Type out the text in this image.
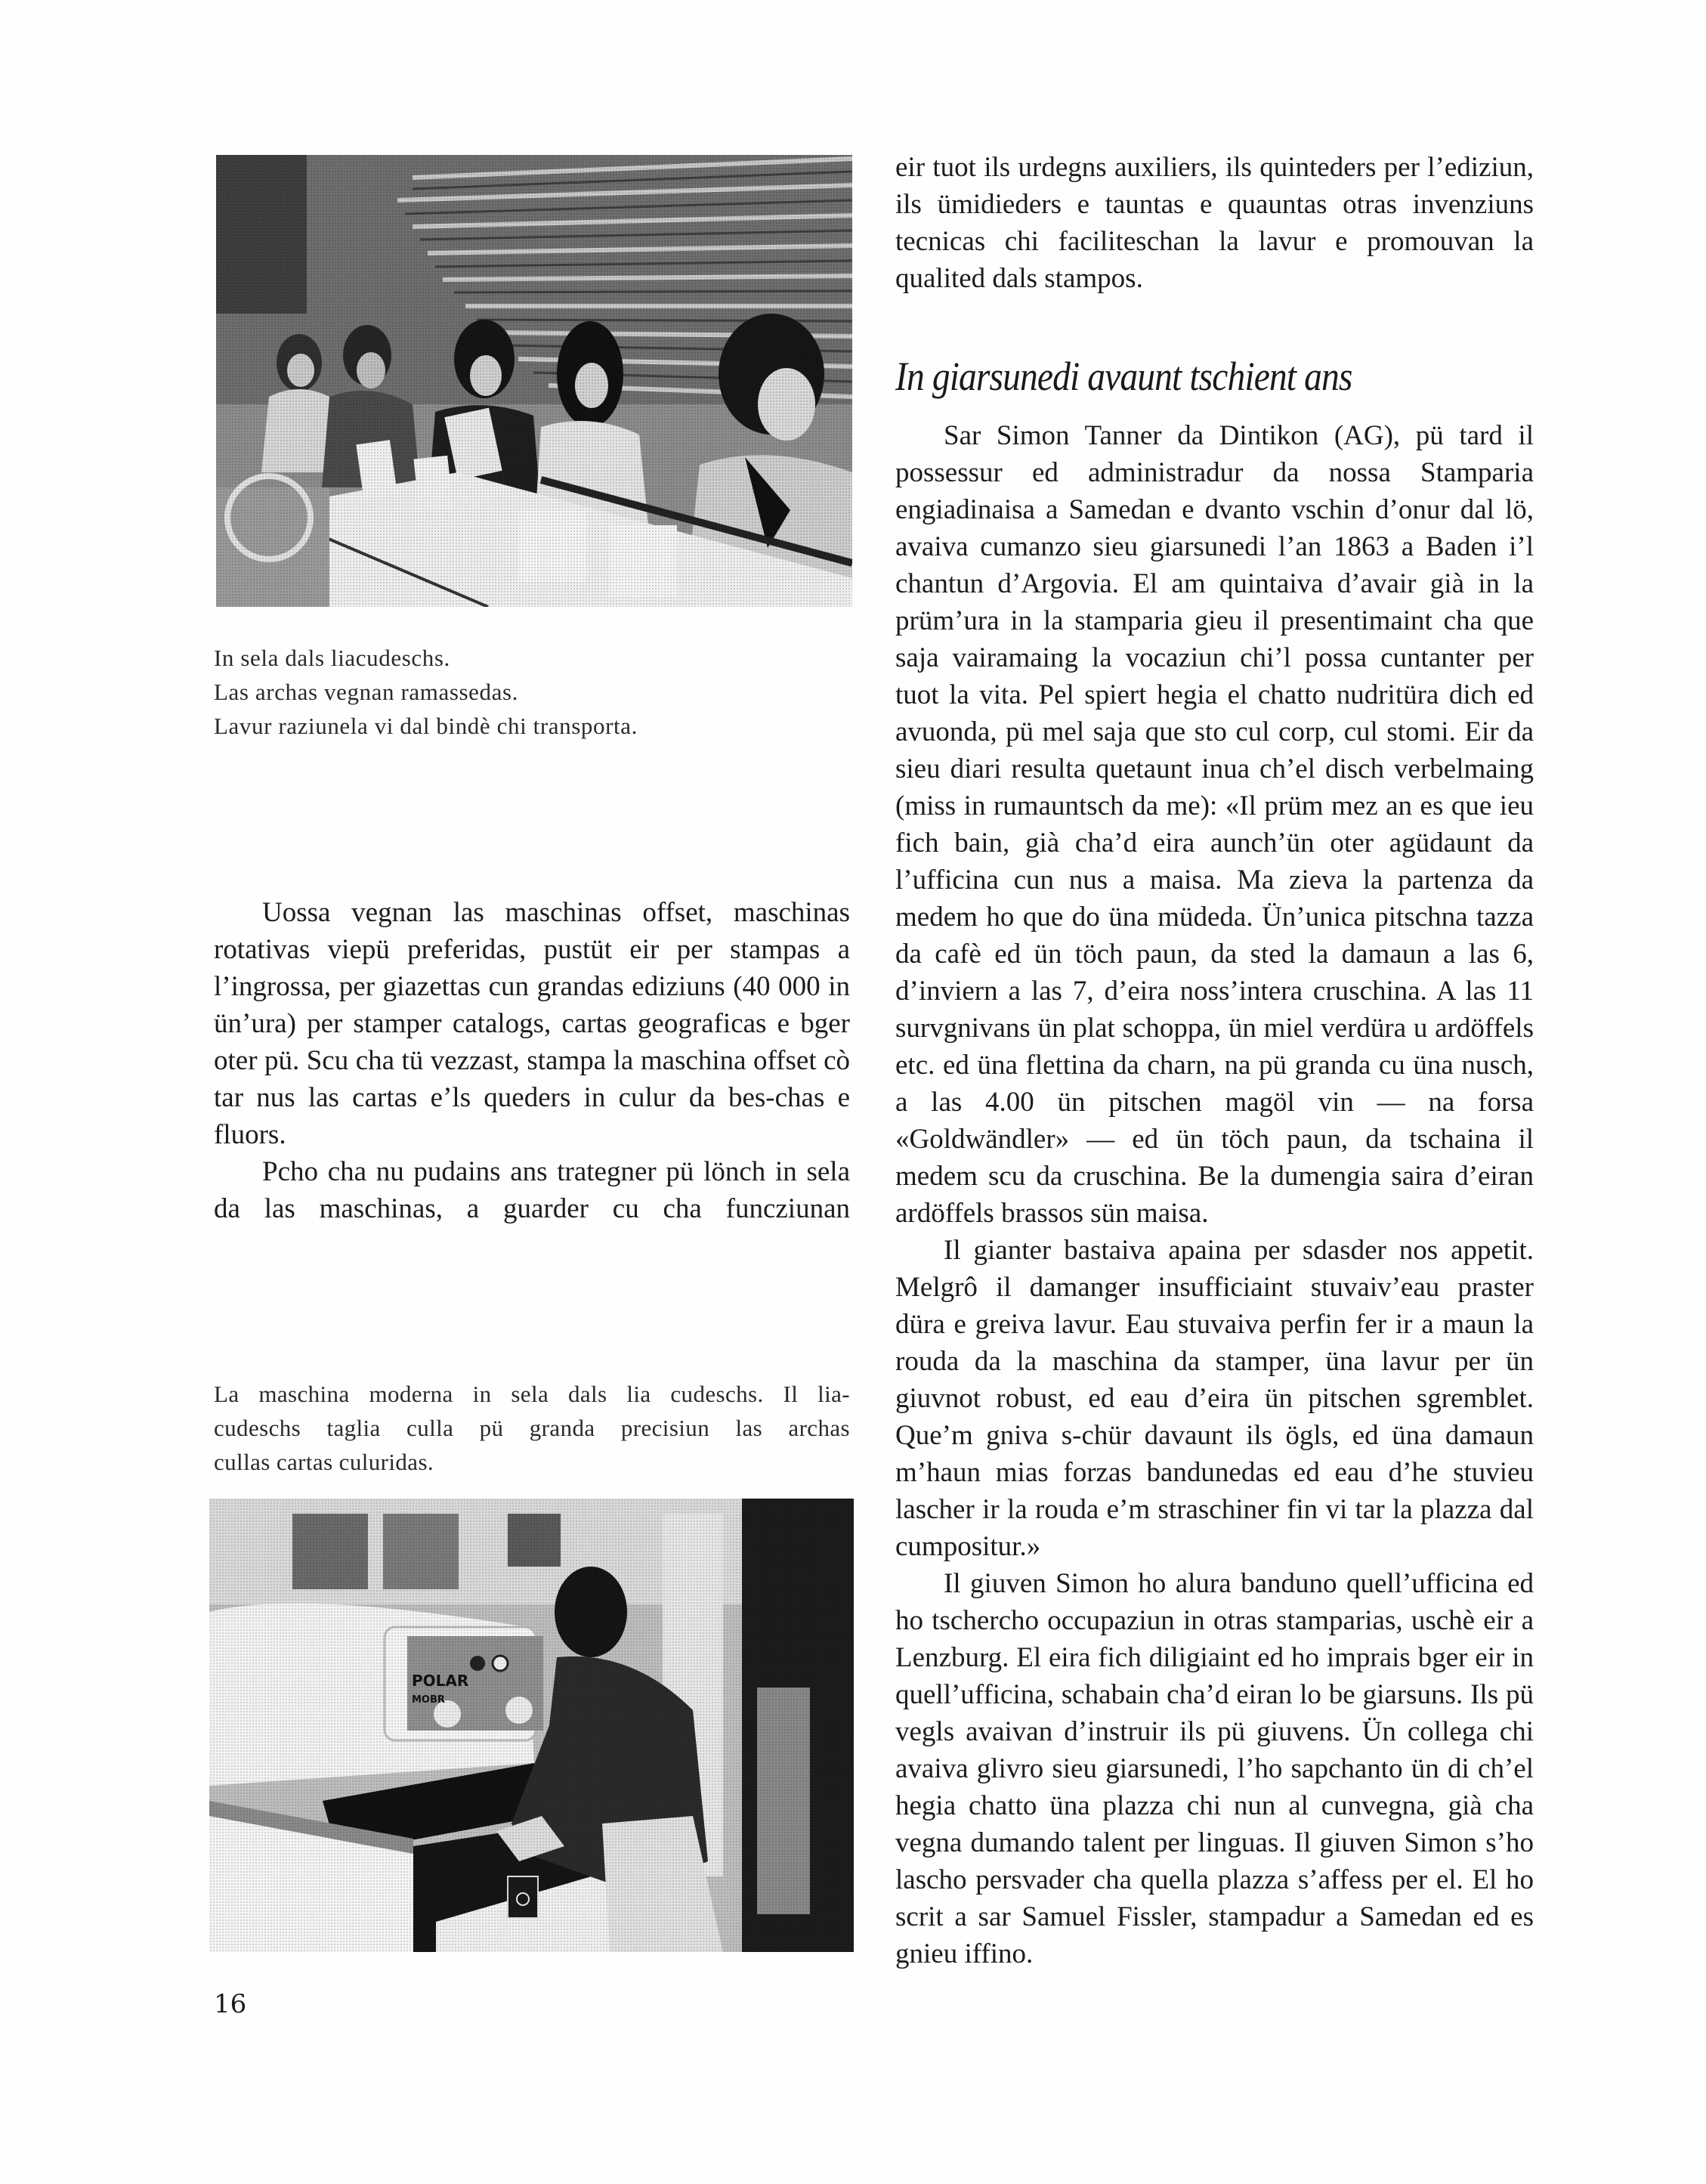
In sela dals liacudeschs.
Las archas vegnan ramassedas.
Lavur raziunela vi dal bindè chi transporta.

Uossa vegnan las maschinas offset, maschinas rotativas viepü preferidas, pustüt eir per stampas a l’ingrossa, per giazettas cun grandas ediziuns (40 000 in ün’ura) per stamper catalogs, cartas geograficas e bger oter pü. Scu cha tü vezzast, stampa la maschina offset cò tar nus las cartas e’ls queders in culur da bes-chas e fluors.

Pcho cha nu pudains ans trategner pü lönch in sela da las maschinas, a guarder cu cha funcziunan

La maschina moderna in sela dals lia cudeschs. Il lia-
cudeschs taglia culla pü granda precisiun las archas
cullas cartas culuridas.
POLAR
MOBR

eir tuot ils urdegns auxiliers, ils quinteders per l’ediziun, ils ümidieders e tauntas e quauntas otras invenziuns tecnicas chi faciliteschan la lavur e promouvan la qualited dals stampos.

In giarsunedi avaunt tschient ans

Sar Simon Tanner da Dintikon (AG), pü tard il possessur ed administradur da nossa Stamparia engiadinaisa a Samedan e dvanto vschin d’onur dal lö, avaiva cumanzo sieu giarsunedi l’an 1863 a Baden i’l chantun d’Argovia. El am quintaiva d’avair già in la prüm’ura in la stamparia gieu il presentimaint cha que saja vairamaing la vocaziun chi’l possa cuntanter per tuot la vita. Pel spiert hegia el chatto nudritüra dich ed avuonda, pü mel saja que sto cul corp, cul stomi. Eir da sieu diari resulta quetaunt inua ch’el disch verbelmaing (miss in rumauntsch da me): «Il prüm mez an es que ieu fich bain, già cha’d eira aunch’ün oter agüdaunt da l’ufficina cun nus a maisa. Ma zieva la partenza da medem ho que do üna müdeda. Ün’unica pitschna tazza da cafè ed ün töch paun, da sted la damaun a las 6, d’inviern a las 7, d’eira noss’intera cruschina. A las 11 survgnivans ün plat schoppa, ün miel verdüra u ardöffels etc. ed üna flettina da charn, na pü granda cu üna nusch, a las 4.00 ün pitschen magöl vin — na forsa «Goldwändler» — ed ün töch paun, da tschaina il medem scu da cruschina. Be la dumengia saira d’eiran ardöffels brassos sün maisa.

Il gianter bastaiva apaina per sdasder nos appetit. Melgrô il damanger insufficiaint stuvaiv’eau praster düra e greiva lavur. Eau stuvaiva perfin fer ir a maun la rouda da la maschina da stamper, üna lavur per ün giuvnot robust, ed eau d’eira ün pitschen sgremblet. Que’m gniva s-chür davaunt ils ögls, ed üna damaun m’haun mias forzas bandunedas ed eau d’he stuvieu lascher ir la rouda e’m straschiner fin vi tar la plazza dal cumpositur.»

Il giuven Simon ho alura banduno quell’ufficina ed ho tschercho occupaziun in otras stamparias, uschè eir a Lenzburg. El eira fich diligiaint ed ho imprais bger eir in quell’ufficina, schabain cha’d eiran lo be giarsuns. Ils pü vegls avaivan d’instruir ils pü giuvens. Ün collega chi avaiva glivro sieu giarsunedi, l’ho sapchanto ün di ch’el hegia chatto üna plazza chi nun al cunvegna, già cha vegna dumando talent per linguas. Il giuven Simon s’ho lascho persvader cha quella plazza s’affess per el. El ho scrit a sar Samuel Fissler, stampadur a Samedan ed es gnieu iffino.

16
